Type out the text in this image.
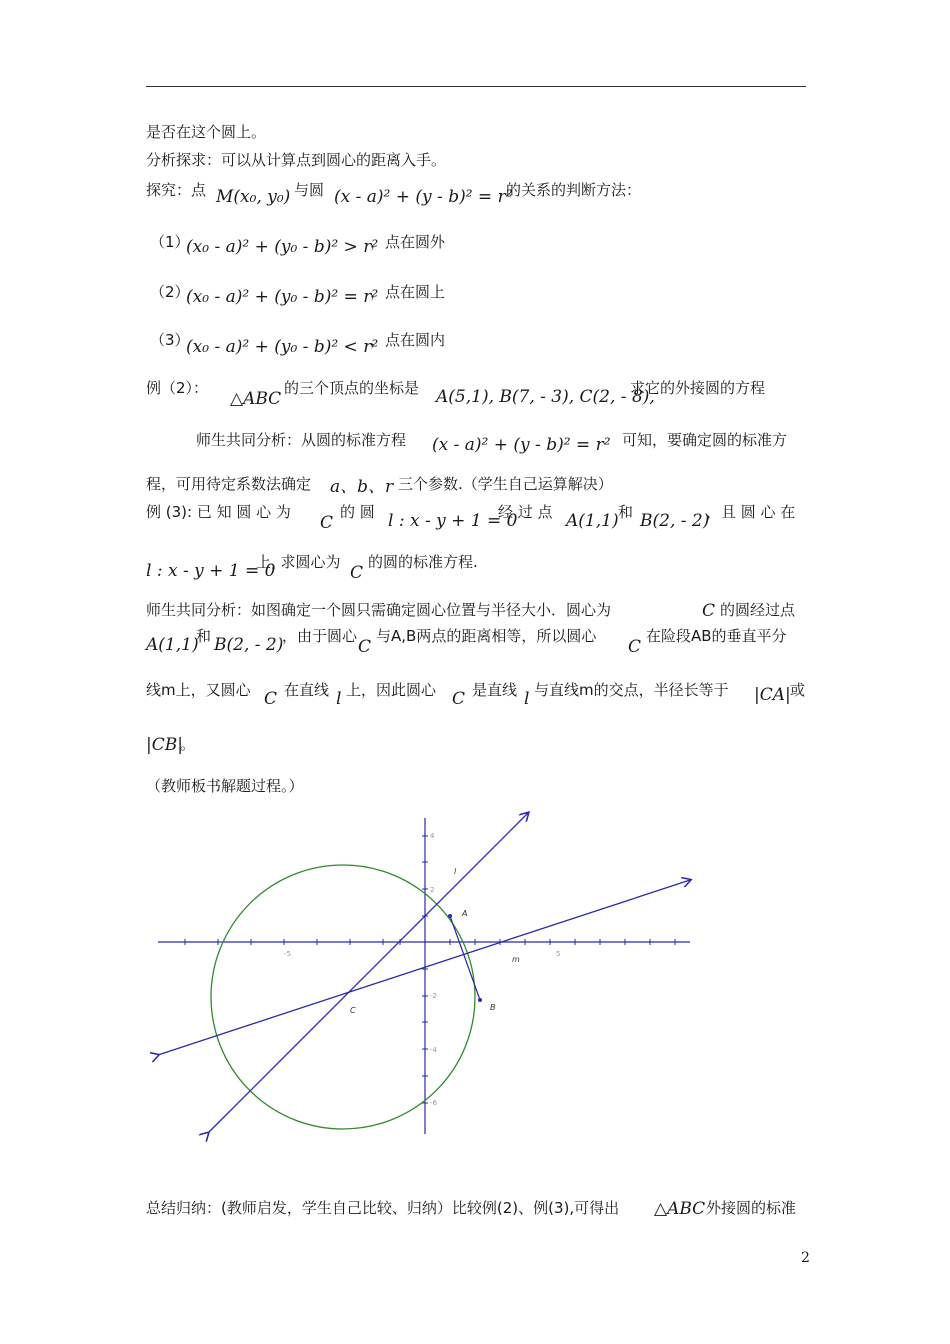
是否在这个圆上。
分析探求：可以从计算点到圆心的距离入手。
探究：点 M(x₀, y₀) 与圆 (x - a)² + (y - b)² = r²
的关系的判断方法：
（1）
(x₀ - a)² + (y₀ - b)² > r²
，点在圆外
（2）
(x₀ - a)² + (y₀ - b)² = r²
，点在圆上
（3）
(x₀ - a)² + (y₀ - b)² < r²
，点在圆内
例（2）：
△ABC
的三个顶点的坐标是 A(5,1), B(7, - 3), C(2, - 8),
求它的外接圆的方程
师生共同分析：从圆的标准方程 (x - a)² + (y - b)² = r² 可知，要确定圆的标准方
程，可用待定系数法确定 a、b、r 三个参数.（学生自己运算解决）
例 (3): 已 知 圆 心 为
C
的 圆 l : x - y + 1 = 0
经 过 点 A(1,1) 和 B(2, - 2)
，且 圆 心 在
l : x - y + 1 = 0
上, 求圆心为
C
的圆的标准方程.
师生共同分析：如图确定一个圆只需确定圆心位置与半径大小．圆心为	C 的圆经过点
A(1,1)
和 B(2, - 2)
，由于圆心
C
与A,B两点的距离相等，所以圆心
C
在险段AB的垂直平分
线m上，又圆心 C 在直线 l 上，因此圆心 C 是直线 l 与直线m的交点，半径长等于 |CA| 或
|CB|
。
（教师板书解题过程。）
-5	5
4
2
-2
-4
-6
A
B
C
l
m
总结归纳：(教师启发，学生自己比较、归纳）比较例(2)、例(3),可得出 △ABC 外接圆的标准
2
